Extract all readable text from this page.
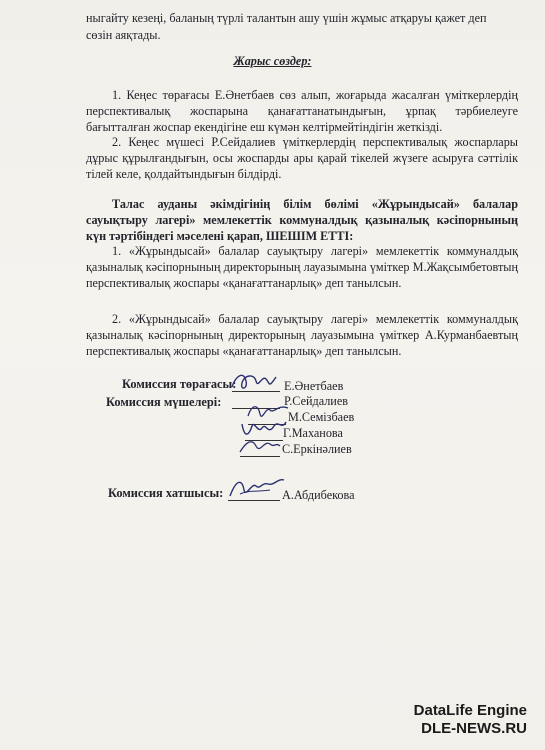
ныгайту кезеңі, баланың түрлі талантын ашу үшін жұмыс атқаруы қажет деп

сөзін аяқтады.

Жарыс сөздер:

1. Кеңес төрағасы Е.Әнетбаев сөз алып, жоғарыда жасалған үміткерлердің перспективалық жоспарына қанағаттанатындығын, ұрпақ тәрбиелеуге бағытталған жоспар екендігіне еш күмән келтірмейтіндігін жеткізді.

2. Кеңес мүшесі Р.Сейдалиев үміткерлердің перспективалық жоспарлары дұрыс құрылғандығын, осы жоспарды ары қарай тікелей жүзеге асыруға сәттілік тілей келе, қолдайтындығын білдірді.

Талас ауданы әкімдігінің білім бөлімі «Жұрындысай» балалар сауықтыру лагері» мемлекеттік коммуналдық қазыналық кәсіпорнының күн тәртібіндегі мәселені қарап, ШЕШІМ ЕТТІ:

1. «Жұрындысай» балалар сауықтыру лагері» мемлекеттік коммуналдық қазыналық кәсіпорнының директорының лауазымына үміткер М.Жақсымбетовтың перспективалық жоспары «қанағаттанарлық» деп танылсын.

2. «Жұрындысай» балалар сауықтыру лагері» мемлекеттік коммуналдық қазыналық кәсіпорнының директорының лауазымына үміткер А.Курманбаевтың перспективалық жоспары «қанағаттанарлық» деп танылсын.

Комиссия төрағасы:	Е.Әнетбаев
Комиссия мүшелері:	Р.Сейдалиев
М.Семізбаев
Г.Маханова
С.Еркінәлиев
Комиссия хатшысы:	А.Абдибекова
DataLife Engine
DLE-NEWS.RU
